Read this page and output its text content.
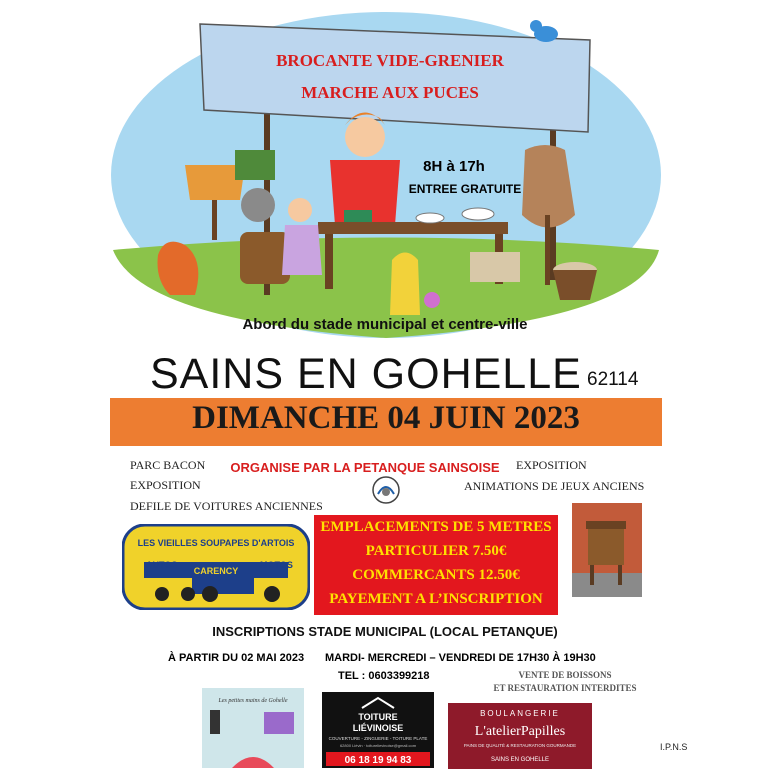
BROCANTE VIDE-GRENIER
MARCHE AUX PUCES
8H à 17h
ENTREE GRATUITE
Abord du stade municipal et centre-ville
SAINS EN GOHELLE 62114
DIMANCHE 04 JUIN 2023
PARC BACON
EXPOSITION
DEFILE DE VOITURES ANCIENNES
EXPOSITION
ANIMATIONS DE JEUX ANCIENS
ORGANISE PAR LA PETANQUE SAINSOISE
LES VIEILLES SOUPAPES D'ARTOIS
AUTOS
CARENCY
MOTOS
EMPLACEMENTS DE 5 METRES
PARTICULIER 7.50€
COMMERCANTS 12.50€
PAYEMENT A L’INSCRIPTION
INSCRIPTIONS STADE MUNICIPAL (LOCAL PETANQUE)
À PARTIR DU 02 MAI 2023 MARDI- MERCREDI – VENDREDI DE 17H30 À 19H30
TEL : 0603399218	VENTE DE BOISSONS
ET RESTAURATION INTERDITES
Les petites mains de Gohelle
TOITURE
LIÉVINOISE
COUVERTURE - ZINGUERIE - TOITURE PLATE
62800 Liévin · toiturelievinoise@gmail.com
06 18 19 94 83
BOULANGERIE
L'atelierPapilles
PAINS DE QUALITÉ & RESTAURATION GOURMANDE
SAINS EN GOHELLE
I.P.N.S
